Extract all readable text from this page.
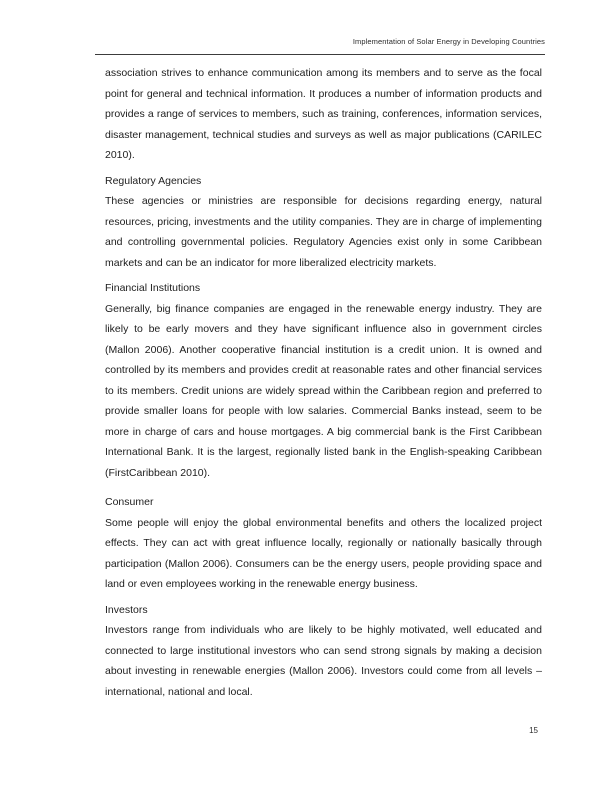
Implementation of Solar Energy in Developing Countries

association strives to enhance communication among its members and to serve as the focal point for general and technical information. It produces a number of information products and provides a range of services to members, such as training, conferences, information services, disaster management, technical studies and surveys as well as major publications (CARILEC 2010).

Regulatory Agencies

These agencies or ministries are responsible for decisions regarding energy, natural resources, pricing, investments and the utility companies. They are in charge of implementing and controlling governmental policies. Regulatory Agencies exist only in some Caribbean markets and can be an indicator for more liberalized electricity markets.

Financial Institutions

Generally, big finance companies are engaged in the renewable energy industry. They are likely to be early movers and they have significant influence also in government circles (Mallon 2006). Another cooperative financial institution is a credit union. It is owned and controlled by its members and provides credit at reasonable rates and other financial services to its members. Credit unions are widely spread within the Caribbean region and preferred to provide smaller loans for people with low salaries. Commercial Banks instead, seem to be more in charge of cars and house mortgages. A big commercial bank is the First Caribbean International Bank. It is the largest, regionally listed bank in the English-speaking Caribbean (FirstCaribbean 2010).

Consumer

Some people will enjoy the global environmental benefits and others the localized project effects. They can act with great influence locally, regionally or nationally basically through participation (Mallon 2006). Consumers can be the energy users, people providing space and land or even employees working in the renewable energy business.

Investors

Investors range from individuals who are likely to be highly motivated, well educated and connected to large institutional investors who can send strong signals by making a decision about investing in renewable energies (Mallon 2006). Investors could come from all levels – international, national and local.

15
